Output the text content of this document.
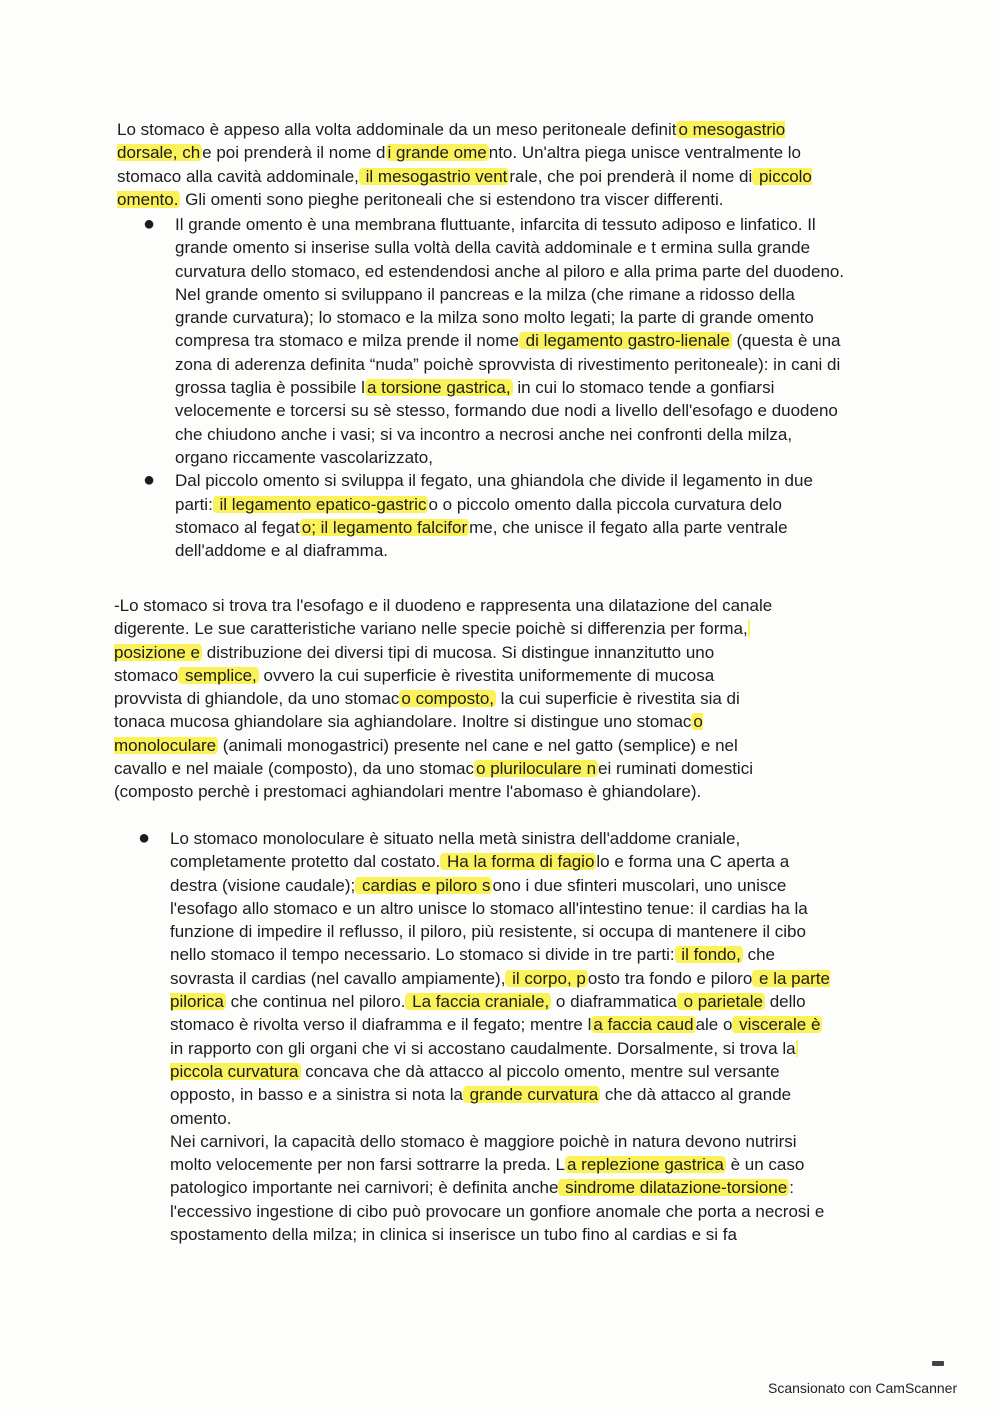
Lo stomaco è appeso alla volta addominale da un meso peritoneale definit o mesogastrio dorsale, ch e poi prenderà il nome d i grande ome nto. Un'altra piega unisce ventralmente lo stomaco alla cavità addominale, il mesogastrio vent rale, che poi prenderà il nome di piccolo omento. Gli omenti sono pieghe peritoneali che si estendono tra viscer differenti.

● Il grande omento è una membrana fluttuante, infarcita di tessuto adiposo e linfatico. Il grande omento si inserise sulla voltà della cavità addominale e t ermina sulla grande curvatura dello stomaco, ed estendendosi anche al piloro e alla prima parte del duodeno. Nel grande omento si sviluppano il pancreas e la milza (che rimane a ridosso della grande curvatura); lo stomaco e la milza sono molto legati; la parte di grande omento compresa tra stomaco e milza prende il nome di legamento gastro-lienale (questa è una zona di aderenza definita “nuda” poichè sprovvista di rivestimento peritoneale): in cani di grossa taglia è possibile l a torsione gastrica, in cui lo stomaco tende a gonfiarsi velocemente e torcersi su sè stesso, formando due nodi a livello dell'esofago e duodeno che chiudono anche i vasi; si va incontro a necrosi anche nei confronti della milza, organo riccamente vascolarizzato,
● Dal piccolo omento si sviluppa il fegato, una ghiandola che divide il legamento in due parti: il legamento epatico-gastric o o piccolo omento dalla piccola curvatura delo stomaco al fegat o; il legamento falcifor me, che unisce il fegato alla parte ventrale dell'addome e al diaframma.

-Lo stomaco si trova tra l'esofago e il duodeno e rappresenta una dilatazione del canale digerente. Le sue caratteristiche variano nelle specie poichè si differenzia per forma, posizione e distribuzione dei diversi tipi di mucosa. Si distingue innanzitutto uno stomaco semplice, ovvero la cui superficie è rivestita uniformemente di mucosa provvista di ghiandole, da uno stomac o composto, la cui superficie è rivestita sia di tonaca mucosa ghiandolare sia aghiandolare. Inoltre si distingue uno stomac o monoloculare (animali monogastrici) presente nel cane e nel gatto (semplice) e nel cavallo e nel maiale (composto), da uno stomac o pluriloculare n ei ruminati domestici (composto perchè i prestomaci aghiandolari mentre l'abomaso è ghiandolare).

● Lo stomaco monoloculare è situato nella metà sinistra dell'addome craniale, completamente protetto dal costato. Ha la forma di fagio lo e forma una C aperta a destra (visione caudale); cardias e piloro s ono i due sfinteri muscolari, uno unisce l'esofago allo stomaco e un altro unisce lo stomaco all'intestino tenue: il cardias ha la funzione di impedire il reflusso, il piloro, più resistente, si occupa di mantenere il cibo nello stomaco il tempo necessario. Lo stomaco si divide in tre parti: il fondo, che sovrasta il cardias (nel cavallo ampiamente), il corpo, p osto tra fondo e piloro e la parte pilorica che continua nel piloro. La faccia craniale, o diaframmatica o parietale dello stomaco è rivolta verso il diaframma e il fegato; mentre l a faccia caud ale o viscerale è in rapporto con gli organi che vi si accostano caudalmente. Dorsalmente, si trova la piccola curvatura concava che dà attacco al piccolo omento, mentre sul versante opposto, in basso e a sinistra si nota la grande curvatura che dà attacco al grande omento.
Nei carnivori, la capacità dello stomaco è maggiore poichè in natura devono nutrirsi molto velocemente per non farsi sottrarre la preda. L a replezione gastrica è un caso patologico importante nei carnivori; è definita anche sindrome dilatazione-torsione : l'eccessivo ingestione di cibo può provocare un gonfiore anomale che porta a necrosi e spostamento della milza; in clinica si inserisce un tubo fino al cardias e si fa
Scansionato con CamScanner
